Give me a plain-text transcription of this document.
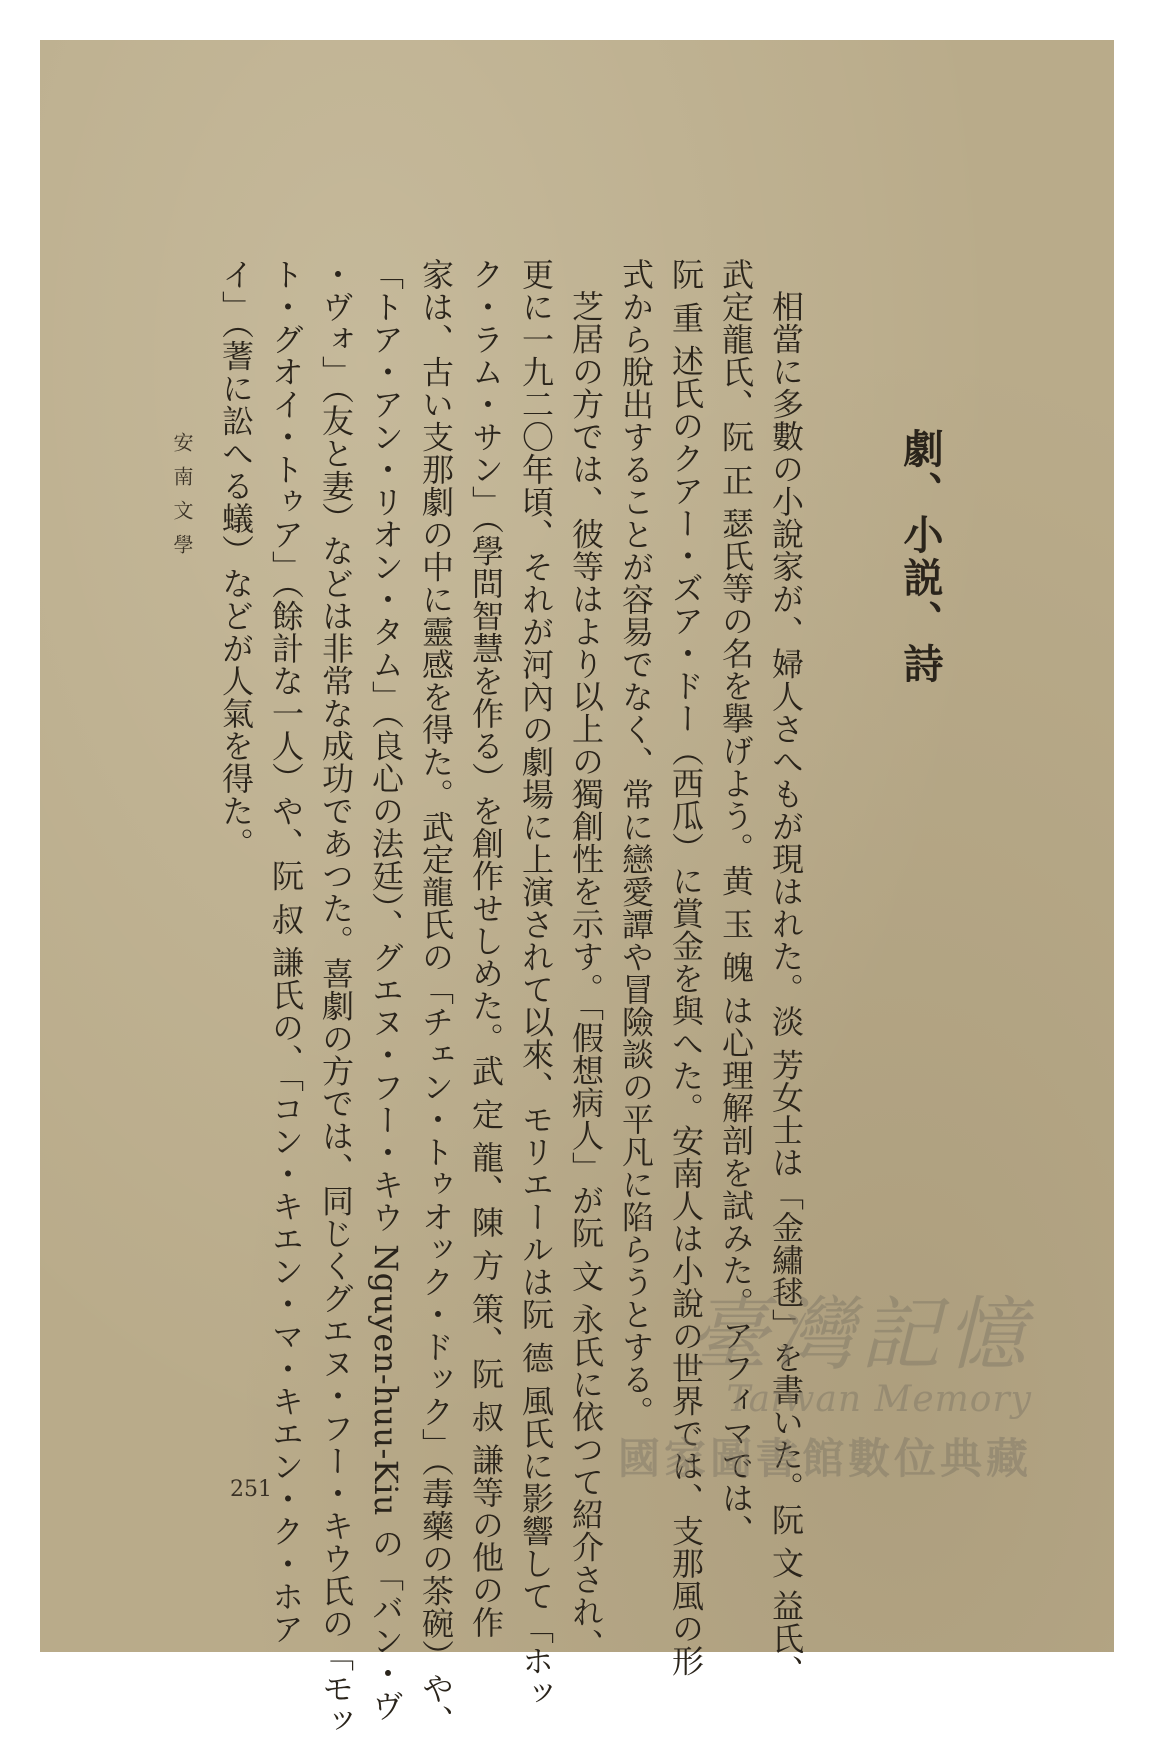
劇、小説、詩
相當に多數の小說家が、婦人さへもが現はれた。淡 芳女士は「金繡毬」を書いた。阮 文 益氏、
武定龍氏、阮 正 瑟氏等の名を擧げよう。黄 玉 魄 は心理解剖を試みた。アフィマでは、
阮 重 述氏のクアー・ズア・ドー（西瓜）に賞金を與へた。安南人は小說の世界では、支那風の形
式から脫出することが容易でなく、常に戀愛譚や冒險談の平凡に陷らうとする。
芝居の方では、彼等はより以上の獨創性を示す。「假想病人」が阮 文 永氏に依つて紹介され、
更に一九二〇年頃、それが河內の劇場に上演されて以來、モリエールは阮 德 風氏に影響して「ホッ
ク・ラム・サン」（學問智慧を作る）を創作せしめた。武 定 龍、陳 方 策、阮 叔 謙等の他の作
家は、古い支那劇の中に靈感を得た。武定龍氏の「チェン・トゥオック・ドック」（毒藥の茶碗）や、
「トア・アン・リオン・タム」（良心の法廷）、グエヌ・フー・キウ Nguyen-huu-Kiu の「バン・ヴ
・ヴォ」（友と妻）などは非常な成功であつた。喜劇の方では、同じくグエヌ・フー・キウ氏の「モッ
ト・グオイ・トゥア」（餘計な一人）や、阮 叔 謙氏の、「コン・キエン・マ・キエン・ク・ホア
イ」（蓍に訟へる蟻）などが人氣を得た。
安南文學
251
臺灣記憶
Taiwan Memory
國家圖書館數位典藏
